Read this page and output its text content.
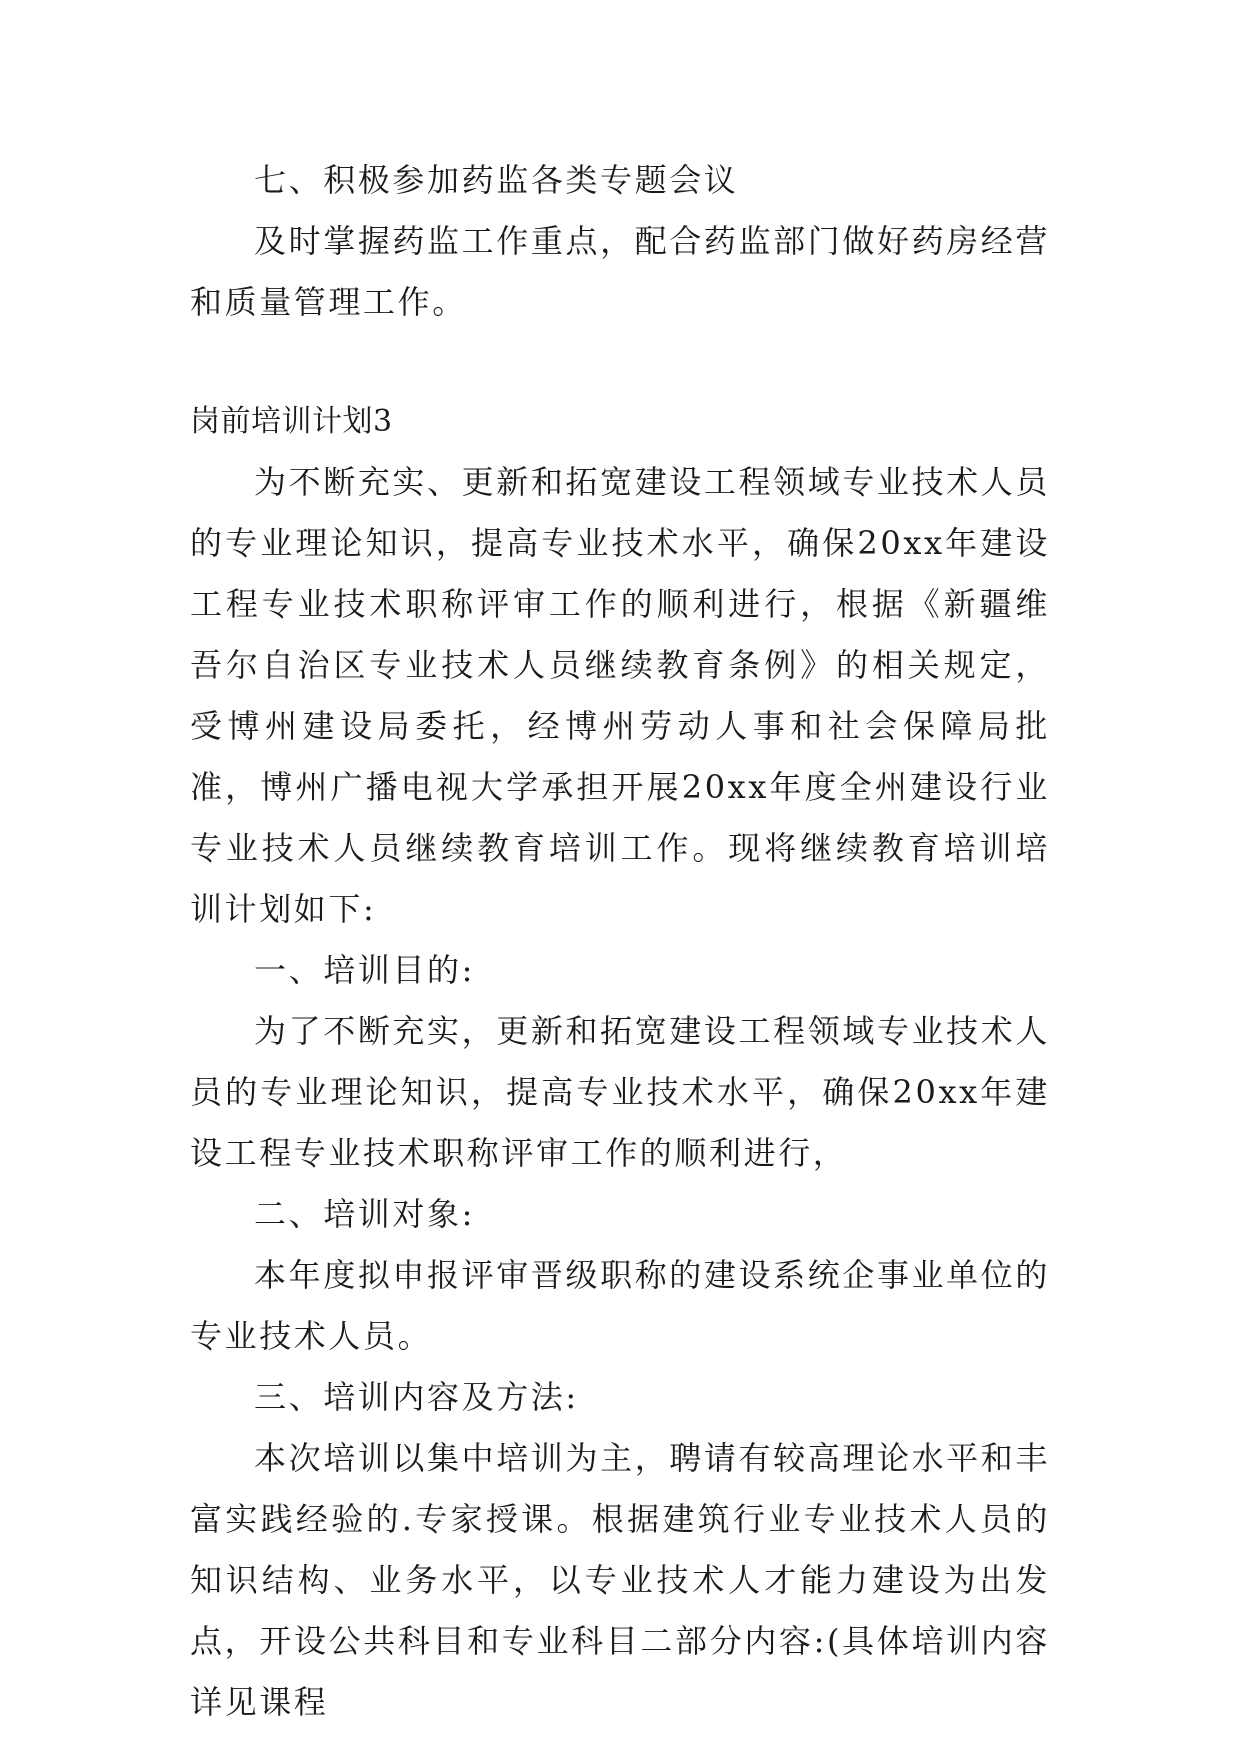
七、积极参加药监各类专题会议

及时掌握药监工作重点，配合药监部门做好药房经营和质量管理工作。

岗前培训计划3

为不断充实、更新和拓宽建设工程领域专业技术人员的专业理论知识，提高专业技术水平，确保20xx年建设工程专业技术职称评审工作的顺利进行，根据《新疆维吾尔自治区专业技术人员继续教育条例》的相关规定，受博州建设局委托，经博州劳动人事和社会保障局批准，博州广播电视大学承担开展20xx年度全州建设行业专业技术人员继续教育培训工作。现将继续教育培训培训计划如下:

一、培训目的:

为了不断充实，更新和拓宽建设工程领域专业技术人员的专业理论知识，提高专业技术水平，确保20xx年建设工程专业技术职称评审工作的顺利进行，

二、培训对象:

本年度拟申报评审晋级职称的建设系统企事业单位的专业技术人员。

三、培训内容及方法:

本次培训以集中培训为主，聘请有较高理论水平和丰富实践经验的.专家授课。根据建筑行业专业技术人员的知识结构、业务水平，以专业技术人才能力建设为出发点，开设公共科目和专业科目二部分内容:(具体培训内容详见课程
